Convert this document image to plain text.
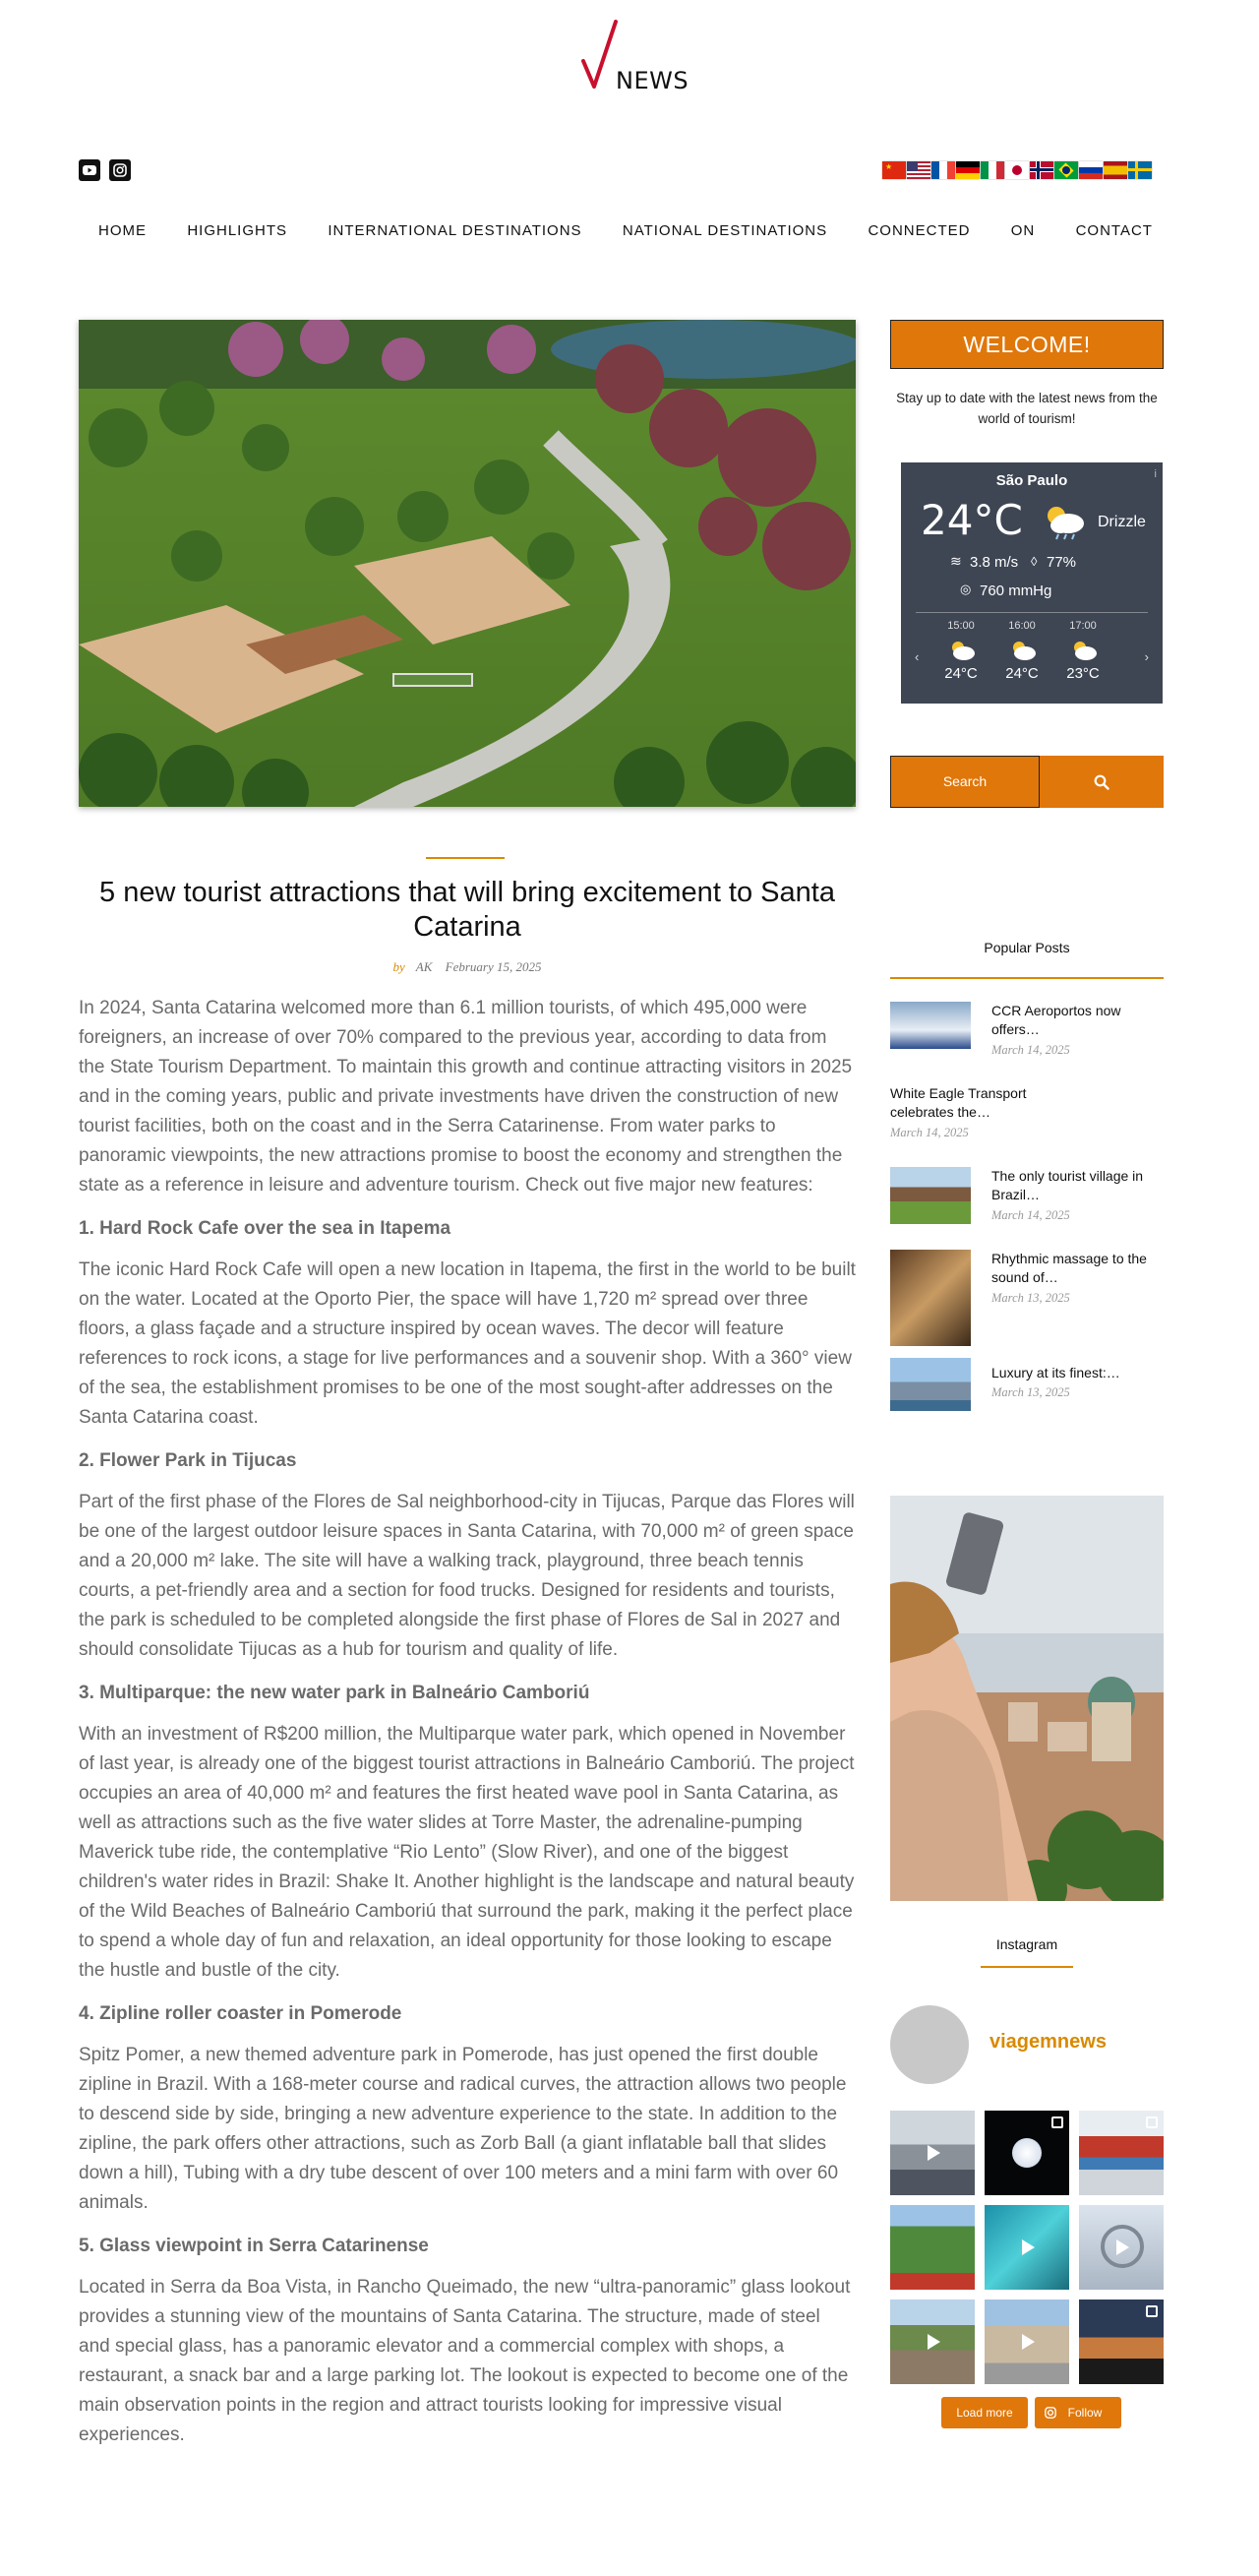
NEWS
★
HOME	HIGHLIGHTS	INTERNATIONAL DESTINATIONS	NATIONAL DESTINATIONS	CONNECTED	ON	CONTACT
5 new tourist attractions that will bring excitement to Santa Catarina
by AK February 15, 2025

In 2024, Santa Catarina welcomed more than 6.1 million tourists, of which 495,000 were foreigners, an increase of over 70% compared to the previous year, according to data from the State Tourism Department. To maintain this growth and continue attracting visitors in 2025 and in the coming years, public and private investments have driven the construction of new tourist facilities, both on the coast and in the Serra Catarinense. From water parks to panoramic viewpoints, the new attractions promise to boost the economy and strengthen the state as a reference in leisure and adventure tourism. Check out five major new features:

1. Hard Rock Cafe over the sea in Itapema

The iconic Hard Rock Cafe will open a new location in Itapema, the first in the world to be built on the water. Located at the Oporto Pier, the space will have 1,720 m² spread over three floors, a glass façade and a structure inspired by ocean waves. The decor will feature references to rock icons, a stage for live performances and a souvenir shop. With a 360° view of the sea, the establishment promises to be one of the most sought-after addresses on the Santa Catarina coast.

2. Flower Park in Tijucas

Part of the first phase of the Flores de Sal neighborhood-city in Tijucas, Parque das Flores will be one of the largest outdoor leisure spaces in Santa Catarina, with 70,000 m² of green space and a 20,000 m² lake. The site will have a walking track, playground, three beach tennis courts, a pet-friendly area and a section for food trucks. Designed for residents and tourists, the park is scheduled to be completed alongside the first phase of Flores de Sal in 2027 and should consolidate Tijucas as a hub for tourism and quality of life.

3. Multiparque: the new water park in Balneário Camboriú

With an investment of R$200 million, the Multiparque water park, which opened in November of last year, is already one of the biggest tourist attractions in Balneário Camboriú. The project occupies an area of 40,000 m² and features the first heated wave pool in Santa Catarina, as well as attractions such as the five water slides at Torre Master, the adrenaline-pumping Maverick tube ride, the contemplative “Rio Lento” (Slow River), and one of the biggest children's water rides in Brazil: Shake It. Another highlight is the landscape and natural beauty of the Wild Beaches of Balneário Camboriú that surround the park, making it the perfect place to spend a whole day of fun and relaxation, an ideal opportunity for those looking to escape the hustle and bustle of the city.

4. Zipline roller coaster in Pomerode

Spitz Pomer, a new themed adventure park in Pomerode, has just opened the first double zipline in Brazil. With a 168-meter course and radical curves, the attraction allows two people to descend side by side, bringing a new adventure experience to the state. In addition to the zipline, the park offers other attractions, such as Zorb Ball (a giant inflatable ball that slides down a hill), Tubing with a dry tube descent of over 100 meters and a mini farm with over 60 animals.

5. Glass viewpoint in Serra Catarinense

Located in Serra da Boa Vista, in Rancho Queimado, the new “ultra-panoramic” glass lookout provides a stunning view of the mountains of Santa Catarina. The structure, made of steel and special glass, has a panoramic elevator and a commercial complex with shops, a restaurant, a snack bar and a large parking lot. The lookout is expected to become one of the main observation points in the region and attract tourists looking for impressive visual experiences.

WELCOME!
Stay up to date with the latest news from the world of tourism!
São Paulo	i
24°C	Drizzle
≋ 3.8 m/s ◊ 77%
◎ 760 mmHg
‹	›
15:00
24°C
16:00
24°C
17:00
23°C
Search
Popular Posts
CCR Aeroportos now offers…
March 14, 2025
White Eagle Transport celebrates the…
March 14, 2025
The only tourist village in Brazil…
March 14, 2025
Rhythmic massage to the sound of…
March 13, 2025
Luxury at its finest:…
March 13, 2025
Instagram
viagemnews
Load more	Follow
